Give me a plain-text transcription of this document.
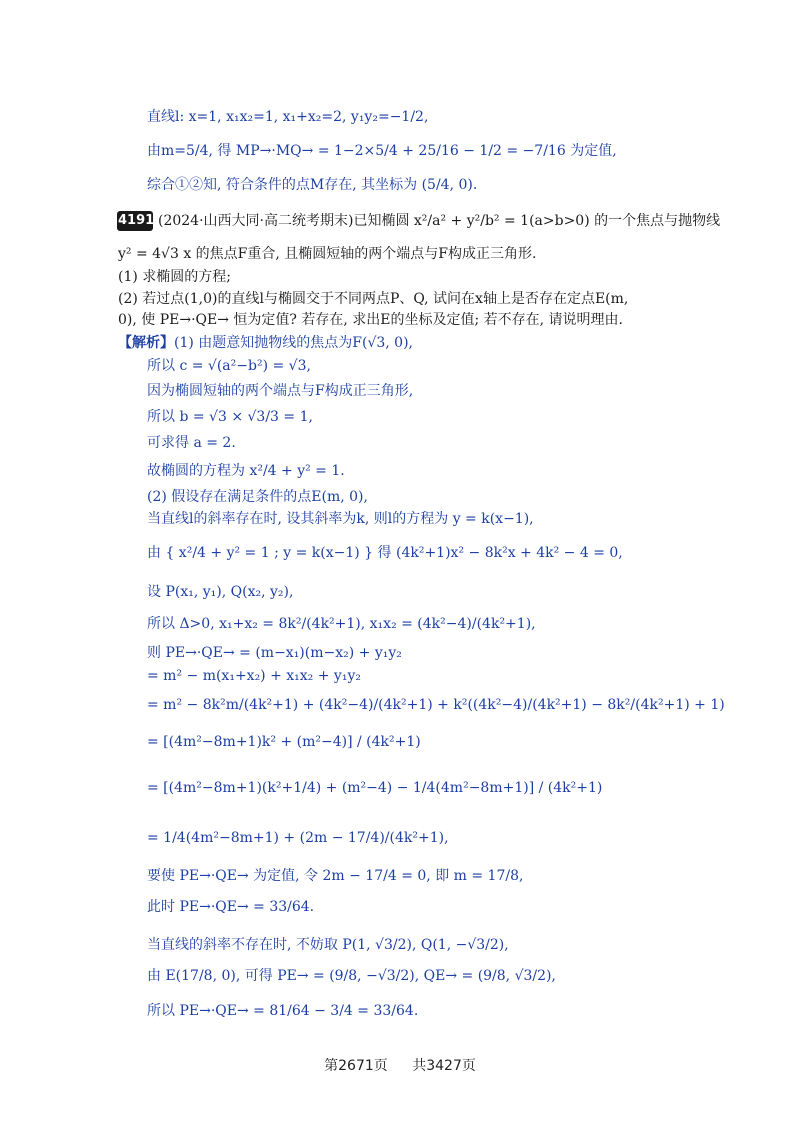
直线l: x=1, x₁x₂=1, x₁+x₂=2, y₁y₂=−1/2,
由m=5/4, 得 MP→·MQ→ = 1−2×5/4 + 25/16 − 1/2 = −7/16 为定值,
综合①②知, 符合条件的点M存在, 其坐标为 (5/4, 0).
4191 (2024·山西大同·高二统考期末)已知椭圆 x²/a² + y²/b² = 1(a>b>0) 的一个焦点与抛物线
y² = 4√3 x 的焦点F重合, 且椭圆短轴的两个端点与F构成正三角形.
(1) 求椭圆的方程;
(2) 若过点(1,0)的直线l与椭圆交于不同两点P、Q, 试问在x轴上是否存在定点E(m,
0), 使 PE→·QE→ 恒为定值? 若存在, 求出E的坐标及定值; 若不存在, 请说明理由.
【解析】(1) 由题意知抛物线的焦点为F(√3, 0),
所以 c = √(a²−b²) = √3,
因为椭圆短轴的两个端点与F构成正三角形,
所以 b = √3 × √3/3 = 1,
可求得 a = 2.
故椭圆的方程为 x²/4 + y² = 1.
(2) 假设存在满足条件的点E(m, 0),
当直线l的斜率存在时, 设其斜率为k, 则l的方程为 y = k(x−1),
由 { x²/4 + y² = 1 ; y = k(x−1) } 得 (4k²+1)x² − 8k²x + 4k² − 4 = 0,
设 P(x₁, y₁), Q(x₂, y₂),
所以 Δ>0, x₁+x₂ = 8k²/(4k²+1), x₁x₂ = (4k²−4)/(4k²+1),
则 PE→·QE→ = (m−x₁)(m−x₂) + y₁y₂
= m² − m(x₁+x₂) + x₁x₂ + y₁y₂
= m² − 8k²m/(4k²+1) + (4k²−4)/(4k²+1) + k²((4k²−4)/(4k²+1) − 8k²/(4k²+1) + 1)
= [(4m²−8m+1)k² + (m²−4)] / (4k²+1)
= [(4m²−8m+1)(k²+1/4) + (m²−4) − 1/4(4m²−8m+1)] / (4k²+1)
= 1/4(4m²−8m+1) + (2m − 17/4)/(4k²+1),
要使 PE→·QE→ 为定值, 令 2m − 17/4 = 0, 即 m = 17/8,
此时 PE→·QE→ = 33/64.
当直线的斜率不存在时, 不妨取 P(1, √3/2), Q(1, −√3/2),
由 E(17/8, 0), 可得 PE→ = (9/8, −√3/2), QE→ = (9/8, √3/2),
所以 PE→·QE→ = 81/64 − 3/4 = 33/64.
第2671页 共3427页
